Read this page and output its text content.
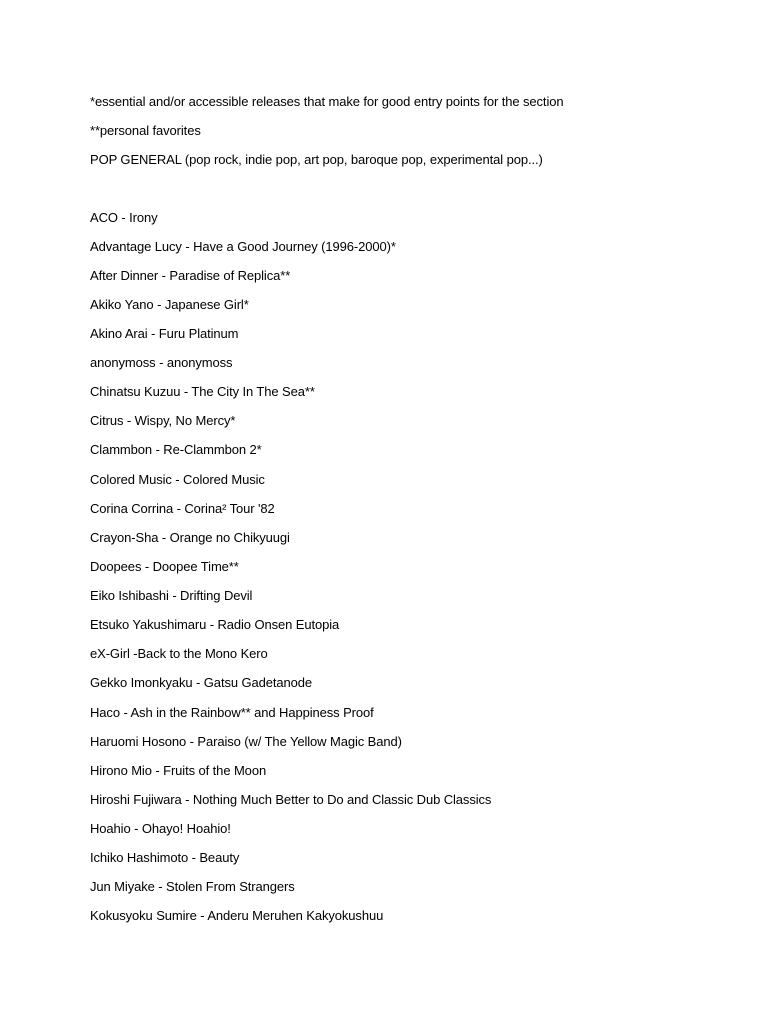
*essential and/or accessible releases that make for good entry points for the section

**personal favorites

POP GENERAL (pop rock, indie pop, art pop, baroque pop, experimental pop...)

ACO - Irony

Advantage Lucy - Have a Good Journey (1996-2000)*

After Dinner - Paradise of Replica**

Akiko Yano - Japanese Girl*

Akino Arai - Furu Platinum

anonymoss - anonymoss

Chinatsu Kuzuu - The City In The Sea**

Citrus - Wispy, No Mercy*

Clammbon - Re-Clammbon 2*

Colored Music - Colored Music

Corina Corrina - Corina² Tour '82

Crayon-Sha - Orange no Chikyuugi

Doopees - Doopee Time**

Eiko Ishibashi - Drifting Devil

Etsuko Yakushimaru - Radio Onsen Eutopia

eX-Girl -Back to the Mono Kero

Gekko Imonkyaku - Gatsu Gadetanode

Haco - Ash in the Rainbow** and Happiness Proof

Haruomi Hosono - Paraiso (w/ The Yellow Magic Band)

Hirono Mio - Fruits of the Moon

Hiroshi Fujiwara - Nothing Much Better to Do and Classic Dub Classics

Hoahio - Ohayo! Hoahio!

Ichiko Hashimoto - Beauty

Jun Miyake - Stolen From Strangers

Kokusyoku Sumire - Anderu Meruhen Kakyokushuu
